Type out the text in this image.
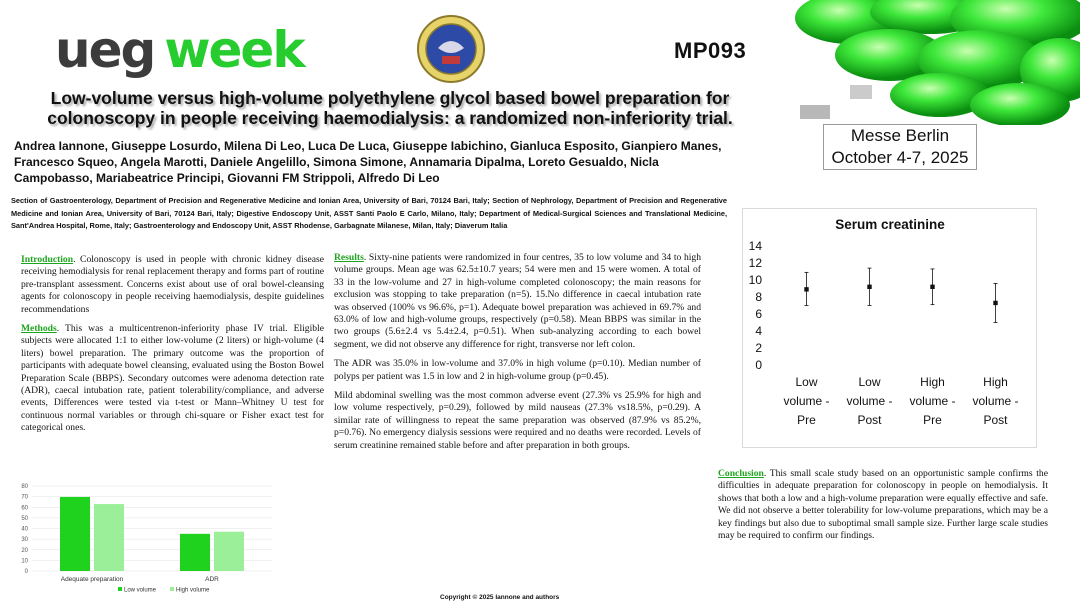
ueg week	MP093
Low-volume versus high-volume polyethylene glycol based bowel preparation for colonoscopy in people receiving haemodialysis: a randomized non-inferiority trial.
Messe Berlin
October 4-7, 2025
Andrea Iannone, Giuseppe Losurdo, Milena Di Leo, Luca De Luca, Giuseppe Iabichino, Gianluca Esposito, Gianpiero Manes, Francesco Squeo, Angela Marotti, Daniele Angelillo, Simona Simone, Annamaria Dipalma, Loreto Gesualdo, Nicla Campobasso, Mariabeatrice Principi, Giovanni FM Strippoli, Alfredo Di Leo
Section of Gastroenterology, Department of Precision and Regenerative Medicine and Ionian Area, University of Bari, 70124 Bari, Italy; Section of Nephrology, Department of Precision and Regenerative Medicine and Ionian Area, University of Bari, 70124 Bari, Italy; Digestive Endoscopy Unit, ASST Santi Paolo E Carlo, Milano, Italy; Department of Medical-Surgical Sciences and Translational Medicine, Sant'Andrea Hospital, Rome, Italy; Gastroenterology and Endoscopy Unit, ASST Rhodense, Garbagnate Milanese, Milan, Italy; Diaverum Italia

Introduction. Colonoscopy is used in people with chronic kidney disease receiving hemodialysis for renal replacement therapy and forms part of routine pre-transplant assessment. Concerns exist about use of oral bowel-cleansing agents for colonoscopy in people receiving haemodialysis, despite guidelines recommendations

Methods. This was a multicentrenon-inferiority phase IV trial. Eligible subjects were allocated 1:1 to either low-volume (2 liters) or high-volume (4 liters) bowel preparation. The primary outcome was the proportion of participants with adequate bowel cleansing, evaluated using the Boston Bowel Preparation Scale (BBPS). Secondary outcomes were adenoma detection rate (ADR), caecal intubation rate, patient tolerability/compliance, and adverse events, Differences were tested via t-test or Mann–Whitney U test for continuous normal variables or through chi-square or Fisher exact test for categorical ones.

Results. Sixty-nine patients were randomized in four centres, 35 to low volume and 34 to high volume groups. Mean age was 62.5±10.7 years; 54 were men and 15 were women. A total of 33 in the low-volume and 27 in high-volume completed colonoscopy; the main reasons for exclusion was stopping to take preparation (n=5). 15.No difference in caecal intubation rate was observed (100% vs 96.6%, p=1). Adequate bowel preparation was achieved in 69.7% and 63.0% of low and high-volume groups, respectively (p=0.58). Mean BBPS was similar in the two groups (5.6±2.4 vs 5.4±2.4, p=0.51). When sub-analyzing according to each bowel segment, we did not observe any difference for right, transverse nor left colon.

The ADR was 35.0% in low-volume and 37.0% in high volume (p=0.10). Median number of polyps per patient was 1.5 in low and 2 in high-volume group (p=0.45).

Mild abdominal swelling was the most common adverse event (27.3% vs 25.9% for high and low volume respectively, p=0.29), followed by mild nauseas (27.3% vs18.5%, p=0.29). A similar rate of willingness to repeat the same preparation was observed (87.9% vs 85.2%, p=0.76). No emergency dialysis sessions were required and no deaths were recorded. Levels of serum creatinine remained stable before and after preparation in both groups.

Conclusion. This small scale study based on an opportunistic sample confirms the difficulties in adequate preparation for colonoscopy in people on hemodialysis. It shows that both a low and a high-volume preparation were equally effective and safe. We did not observe a better tolerability for low-volume preparations, which may be a key findings but also due to suboptimal small sample size. Further large scale studies may be required to confirm our findings.

0
10
20
30
40
50
60
70
80
Adequate preparation	ADR
Low volume	High volume
Serum creatinine
0
2
4
6
8
10
12
14
Low volume -Pre
Low volume -Post
High volume -Pre
High volume -Post
Copyright © 2025 Iannone and authors
